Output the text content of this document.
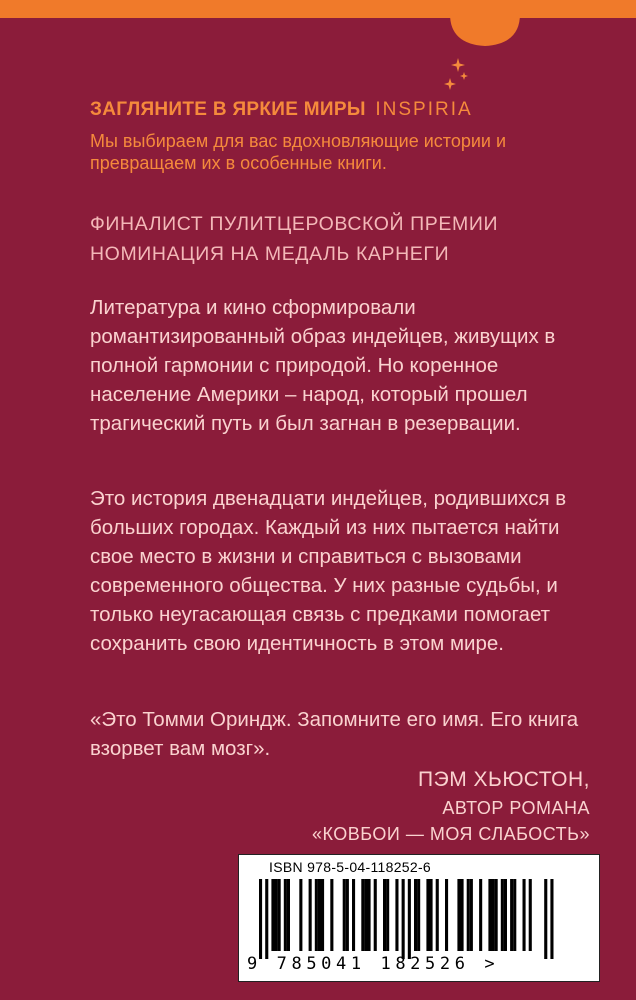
ЗАГЛЯНИТЕ В ЯРКИЕ МИРЫ INSPIRIA
Мы выбираем для вас вдохновляющие истории и превращаем их в особенные книги.
ФИНАЛИСТ ПУЛИТЦЕРОВСКОЙ ПРЕМИИ
НОМИНАЦИЯ НА МЕДАЛЬ КАРНЕГИ
Литература и кино сформировали романтизированный образ индейцев, живущих в полной гармонии с природой. Но коренное население Америки – народ, который прошел трагический путь и был загнан в резервации.
Это история двенадцати индейцев, родившихся в больших городах. Каждый из них пытается найти свое место в жизни и справиться с вызовами современного общества. У них разные судьбы, и только неугасающая связь с предками помогает сохранить свою идентичность в этом мире.
«Это Томми Ориндж. Запомните его имя. Его книга взорвет вам мозг».
ПЭМ ХЬЮСТОН,
АВТОР РОМАНА
«КОВБОИ — МОЯ СЛАБОСТЬ»
ISBN 978-5-04-118252-6
9 785041 182526 >
